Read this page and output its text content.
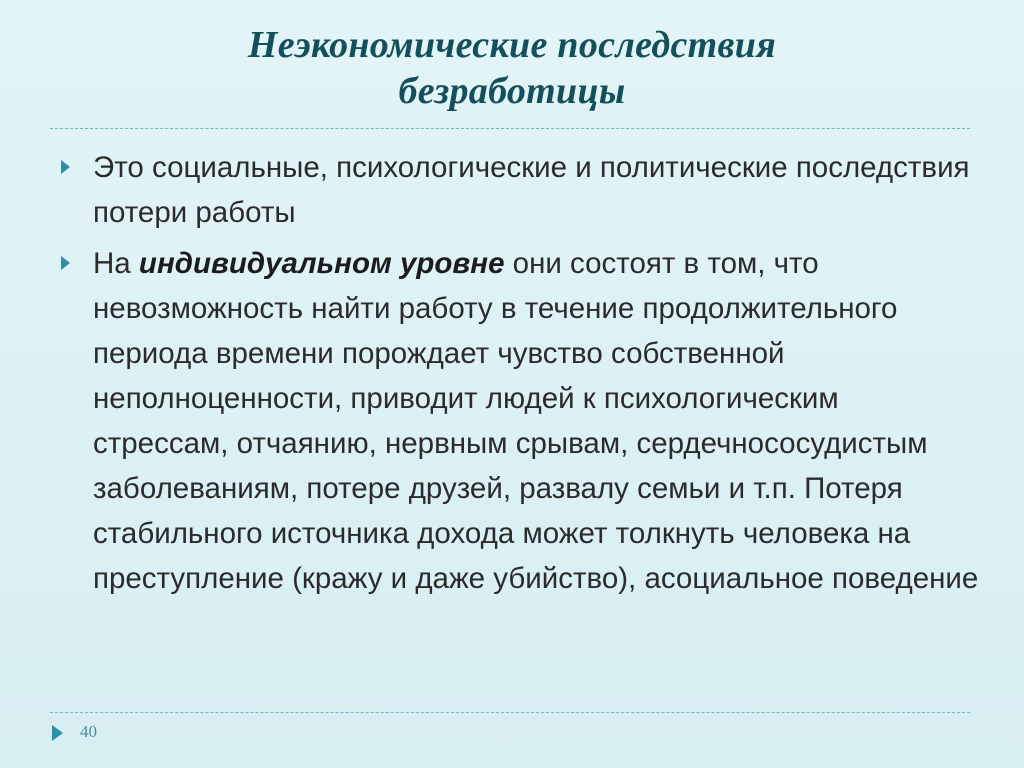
Неэкономические последствия
безработицы
Это социальные, психологические и политические последствия потери работы
На индивидуальном уровне они состоят в том, что невозможность найти работу в течение продолжительного периода времени порождает чувство собственной неполноценности, приводит людей к психологическим стрессам, отчаянию, нервным срывам, сердечнососудистым заболеваниям, потере друзей, развалу семьи и т.п. Потеря стабильного источника дохода может толкнуть человека на преступление (кражу и даже убийство), асоциальное поведение
40
